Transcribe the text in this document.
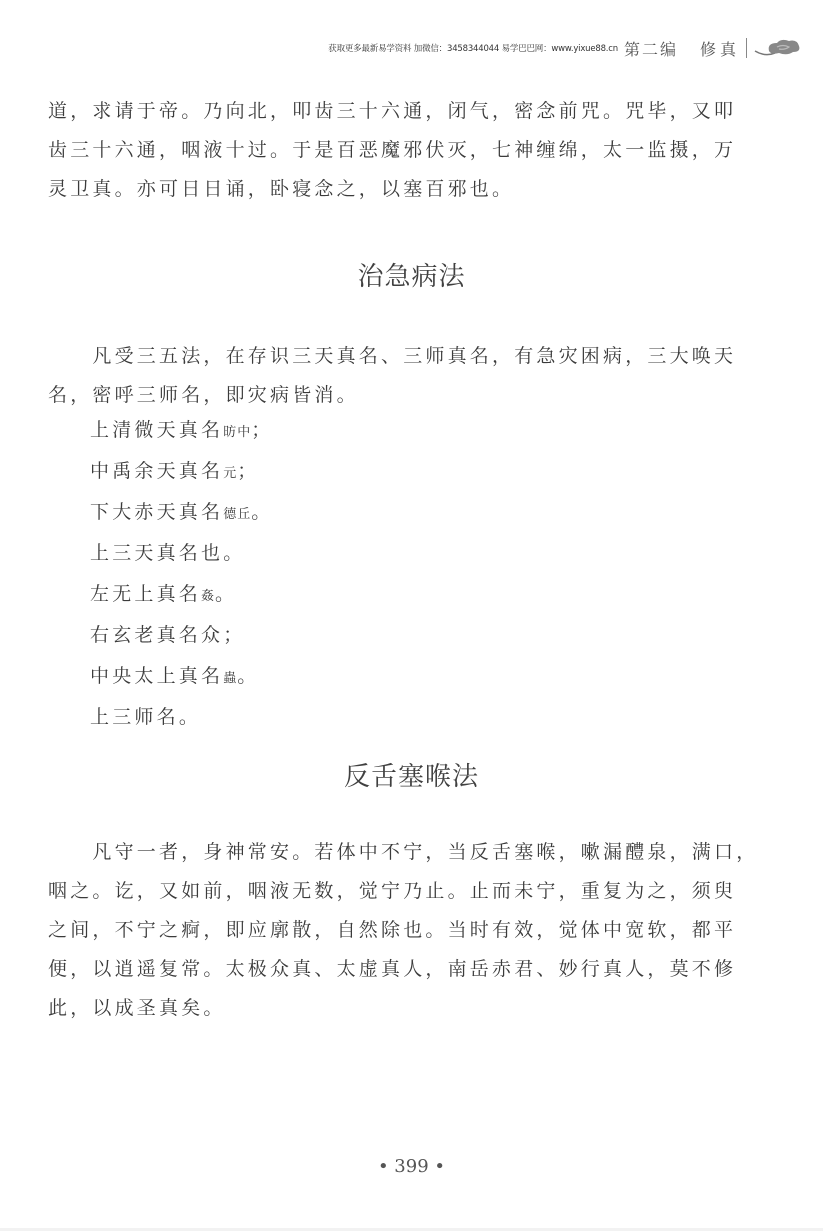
获取更多最新易学资料 加微信：3458344044 易学巴巴网：www.yixue88.cn 第二编 修真
道，求请于帝。乃向北，叩齿三十六通，闭气，密念前咒。咒毕，又叩
齿三十六通，咽液十过。于是百恶魔邪伏灭，七神缠绵，太一监摄，万
灵卫真。亦可日日诵，卧寝念之，以塞百邪也。
治急病法
　　凡受三五法，在存识三天真名、三师真名，有急灾困病，三大唤天
名，密呼三师名，即灾病皆消。
上清微天真名昉中；
中禹余天真名元；
下大赤天真名德丘。
上三天真名也。
左无上真名姦。
右玄老真名众；
中央太上真名蟲。
上三师名。
反舌塞喉法
　　凡守一者，身神常安。若体中不宁，当反舌塞喉，嗽漏醴泉，满口，
咽之。讫，又如前，咽液无数，觉宁乃止。止而未宁，重复为之，须臾
之间，不宁之痾，即应廓散，自然除也。当时有效，觉体中宽软，都平
便，以逍遥复常。太极众真、太虚真人，南岳赤君、妙行真人，莫不修
此，以成圣真矣。
• 399 •
